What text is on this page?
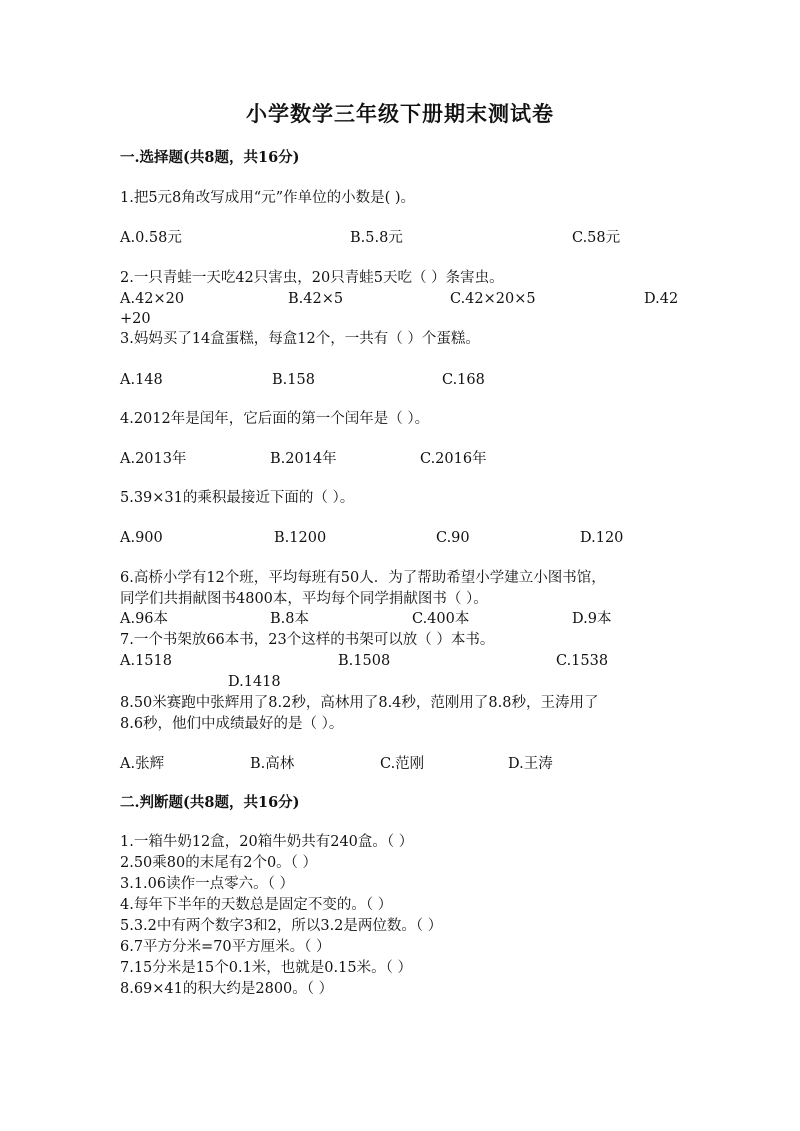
小学数学三年级下册期末测试卷
一.选择题(共8题，共16分)
1.把5元8角改写成用“元”作单位的小数是( )。
A.0.58元	B.5.8元	C.58元
2.一只青蛙一天吃42只害虫，20只青蛙5天吃（ ）条害虫。
A.42×20	B.42×5	C.42×20×5	D.42
+20
3.妈妈买了14盒蛋糕，每盒12个，一共有（ ）个蛋糕。
A.148	B.158	C.168
4.2012年是闰年，它后面的第一个闰年是（ ）。
A.2013年	B.2014年	C.2016年
5.39×31的乘积最接近下面的（ ）。
A.900	B.1200	C.90	D.120
6.高桥小学有12个班，平均每班有50人．为了帮助希望小学建立小图书馆，
同学们共捐献图书4800本，平均每个同学捐献图书（ ）。
A.96本	B.8本	C.400本	D.9本
7.一个书架放66本书，23个这样的书架可以放（ ）本书。
A.1518	B.1508	C.1538
D.1418
8.50米赛跑中张辉用了8.2秒，高林用了8.4秒，范刚用了8.8秒，王涛用了
8.6秒，他们中成绩最好的是（ ）。
A.张辉	B.高林	C.范刚	D.王涛
二.判断题(共8题，共16分)
1.一箱牛奶12盒，20箱牛奶共有240盒。（ ）
2.50乘80的末尾有2个0。（ ）
3.1.06读作一点零六。（ ）
4.每年下半年的天数总是固定不变的。（ ）
5.3.2中有两个数字3和2，所以3.2是两位数。（ ）
6.7平方分米=70平方厘米。（ ）
7.15分米是15个0.1米，也就是0.15米。（ ）
8.69×41的积大约是2800。（ ）
